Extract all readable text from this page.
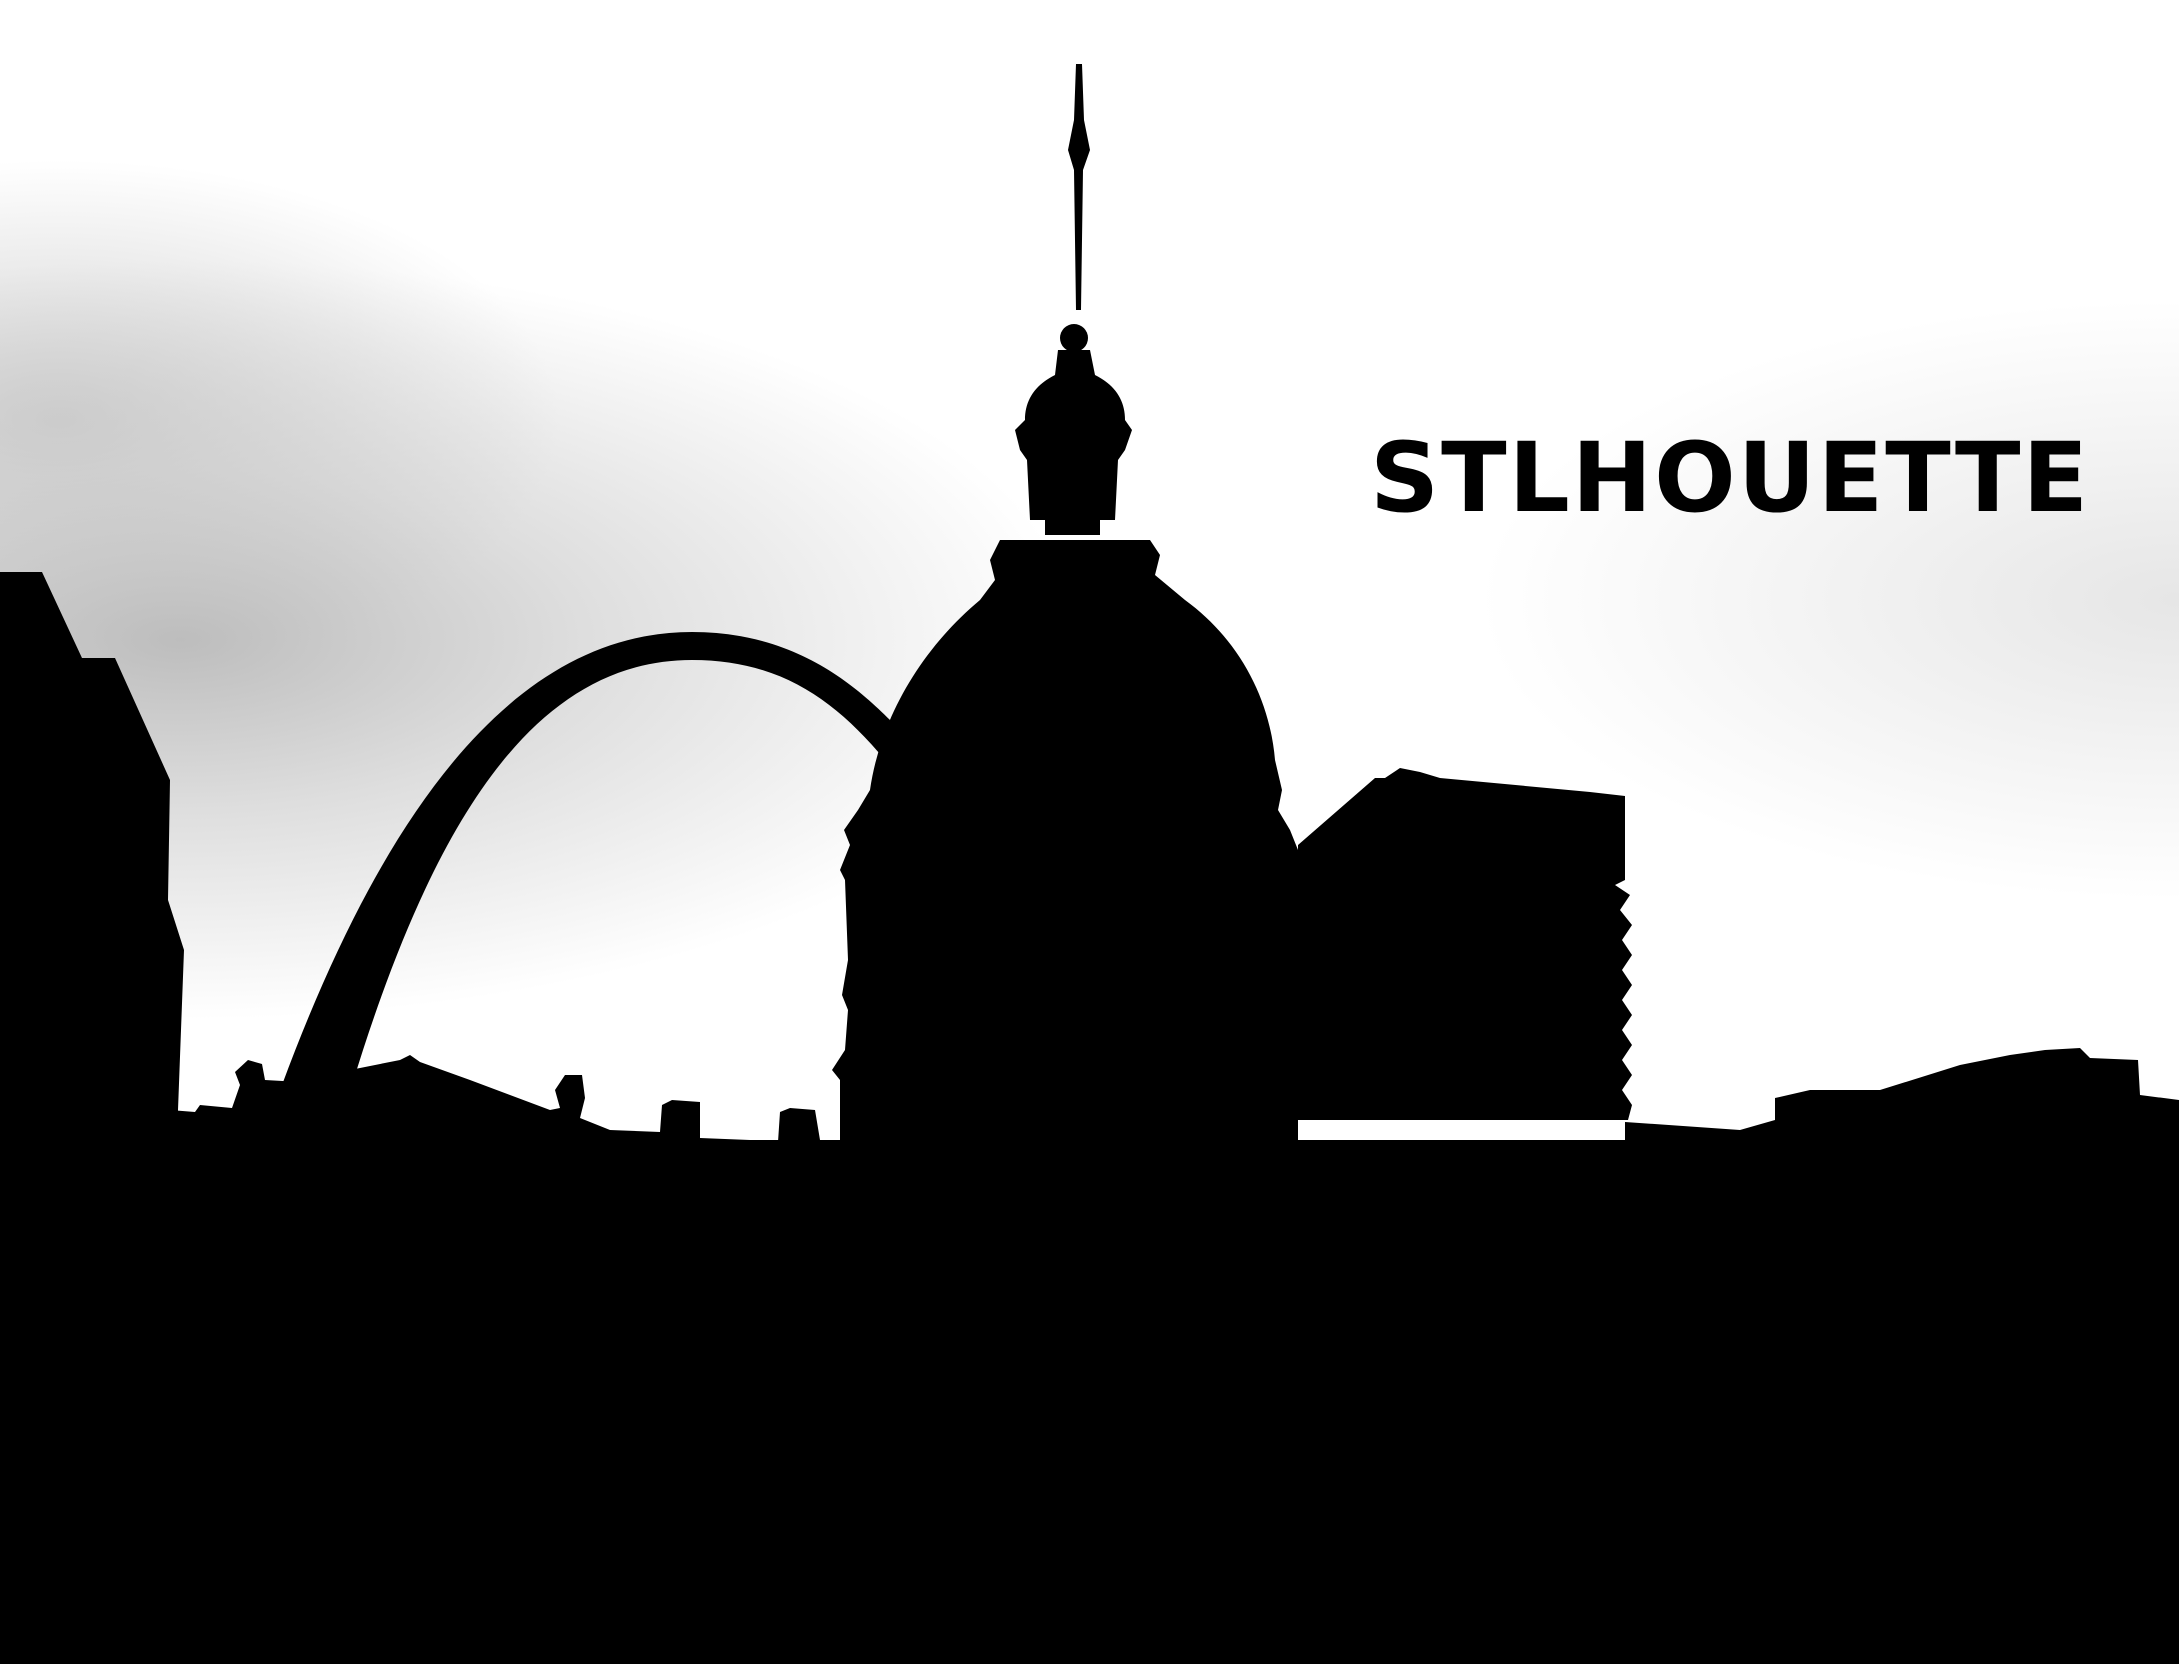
STLHOUETTE
